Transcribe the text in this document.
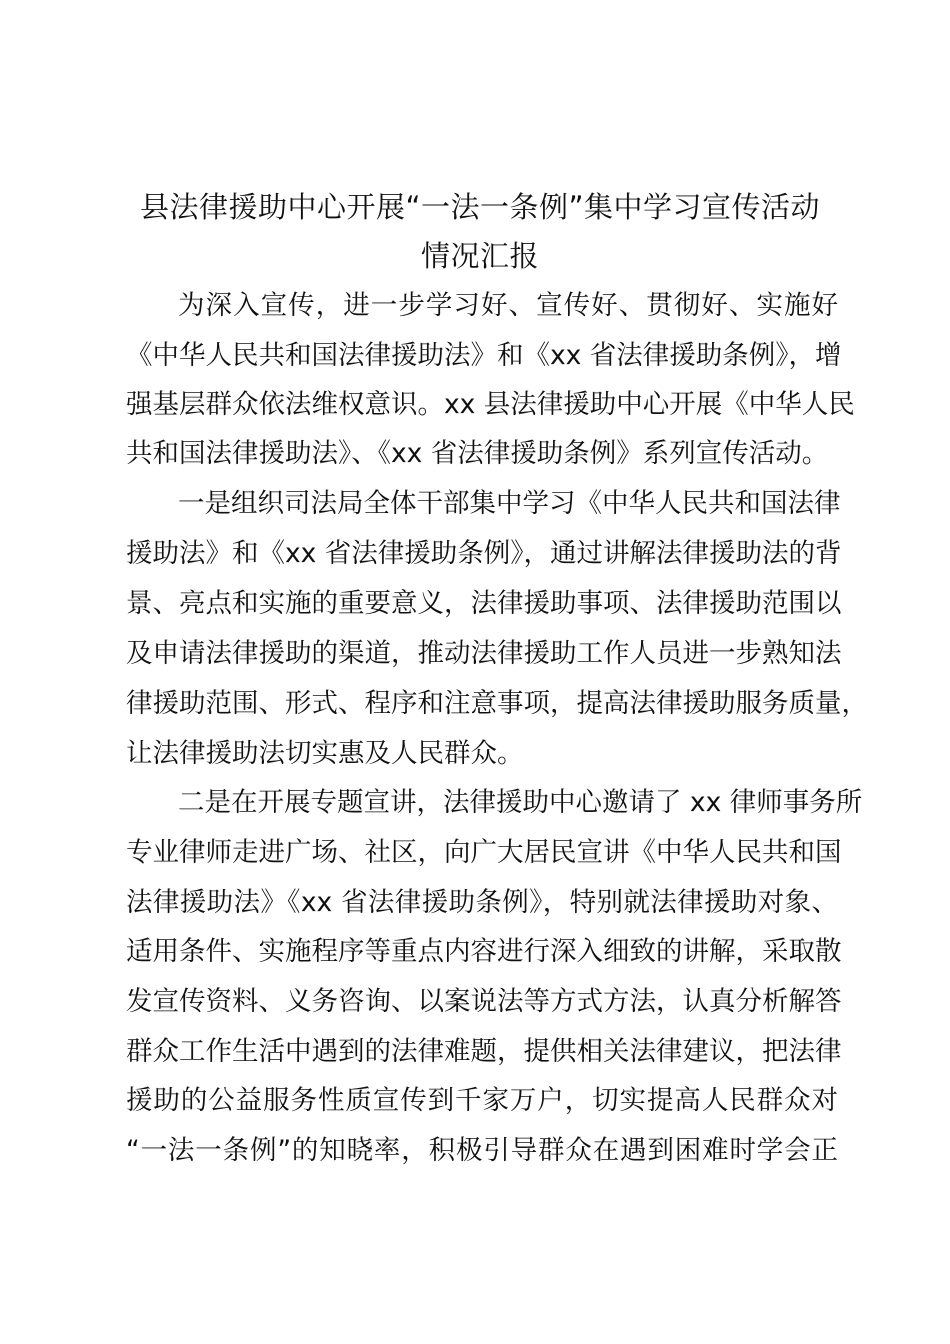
县法律援助中心开展“一法一条例”集中学习宣传活动
情况汇报
为深入宣传，进一步学习好、宣传好、贯彻好、实施好
《中华人民共和国法律援助法》和《xx 省法律援助条例》，增
强基层群众依法维权意识。xx 县法律援助中心开展《中华人民
共和国法律援助法》、《xx 省法律援助条例》系列宣传活动。
一是组织司法局全体干部集中学习《中华人民共和国法律
援助法》和《xx 省法律援助条例》，通过讲解法律援助法的背
景、亮点和实施的重要意义，法律援助事项、法律援助范围以
及申请法律援助的渠道，推动法律援助工作人员进一步熟知法
律援助范围、形式、程序和注意事项，提高法律援助服务质量，
让法律援助法切实惠及人民群众。
二是在开展专题宣讲，法律援助中心邀请了 xx 律师事务所
专业律师走进广场、社区，向广大居民宣讲《中华人民共和国
法律援助法》《xx 省法律援助条例》，特别就法律援助对象、
适用条件、实施程序等重点内容进行深入细致的讲解，采取散
发宣传资料、义务咨询、以案说法等方式方法，认真分析解答
群众工作生活中遇到的法律难题，提供相关法律建议，把法律
援助的公益服务性质宣传到千家万户，切实提高人民群众对
“一法一条例”的知晓率，积极引导群众在遇到困难时学会正
